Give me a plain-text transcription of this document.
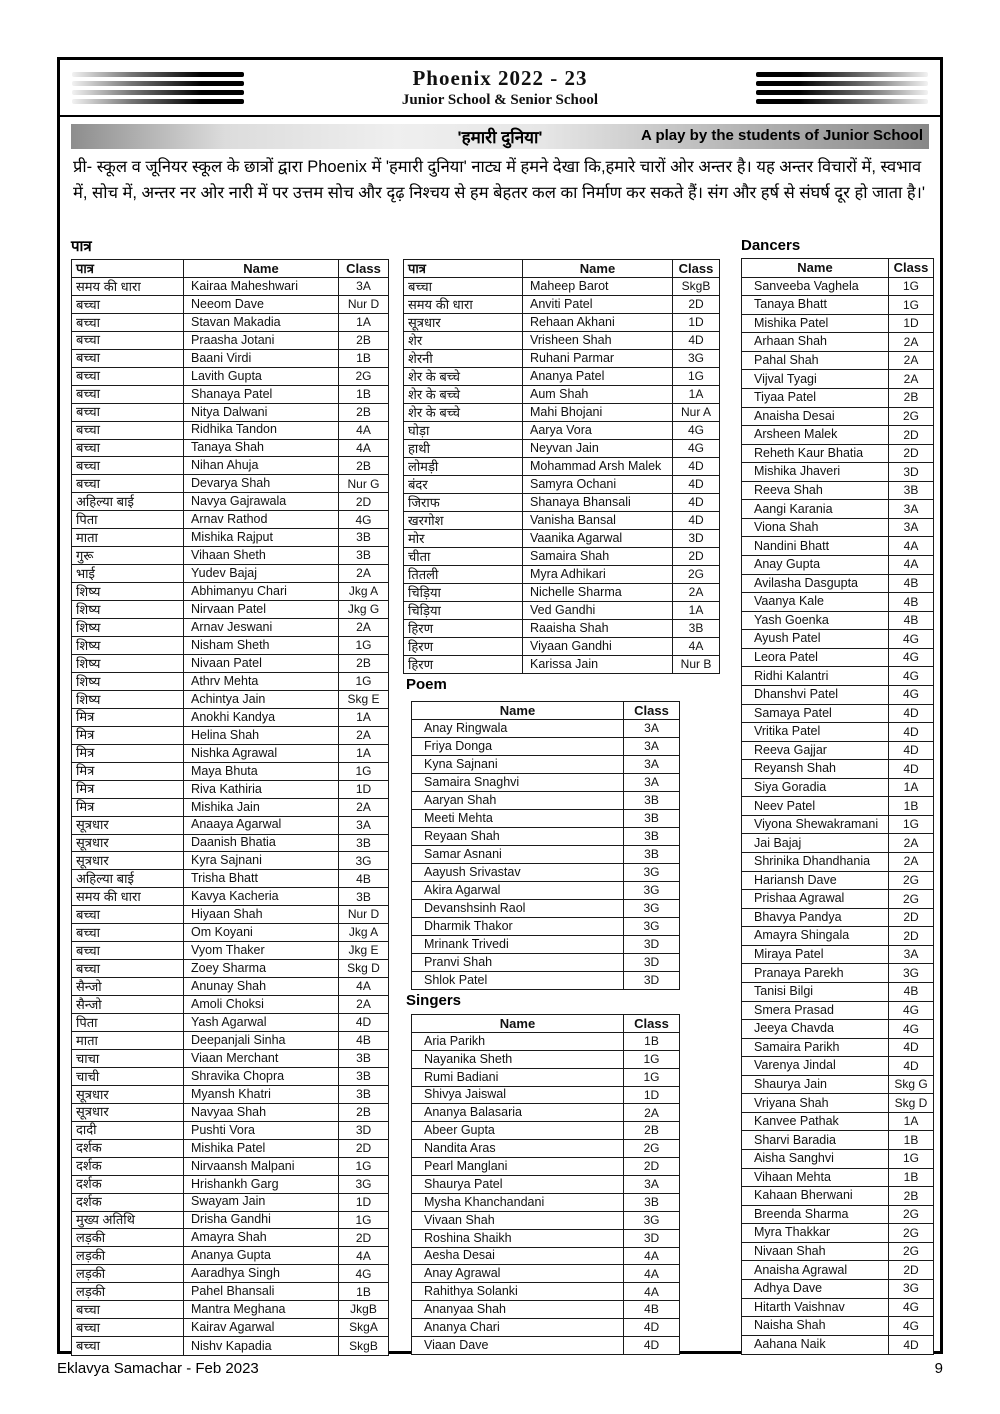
Phoenix 2022 - 23
Junior School & Senior School
'हमारी दुनिया'	A play by the students of Junior School

प्री- स्कूल व जूनियर स्कूल के छात्रों द्वारा Phoenix में 'हमारी दुनिया' नाट्य में हमने देखा कि,हमारे चारों ओर अन्तर है। यह अन्तर विचारों में, स्वभाव में, सोच में, अन्तर नर ओर नारी में पर उत्तम सोच और दृढ़ निश्चय से हम बेहतर कल का निर्माण कर सकते हैं। संग और हर्ष से संघर्ष दूर हो जाता है।'

पात्र	Dancers
Poem
Singers
पात्र	Name	Class
समय की धारा	Kairaa Maheshwari	3A
बच्चा	Neeom Dave	Nur D
बच्चा	Stavan Makadia	1A
बच्चा	Praasha Jotani	2B
बच्चा	Baani Virdi	1B
बच्चा	Lavith Gupta	2G
बच्चा	Shanaya Patel	1B
बच्चा	Nitya Dalwani	2B
बच्चा	Ridhika Tandon	4A
बच्चा	Tanaya Shah	4A
बच्चा	Nihan Ahuja	2B
बच्चा	Devarya Shah	Nur G
अहिल्या बाई	Navya Gajrawala	2D
पिता	Arnav Rathod	4G
माता	Mishika Rajput	3B
गुरू	Vihaan Sheth	3B
भाई	Yudev Bajaj	2A
शिष्य	Abhimanyu Chari	Jkg A
शिष्य	Nirvaan Patel	Jkg G
शिष्य	Arnav Jeswani	2A
शिष्य	Nisham Sheth	1G
शिष्य	Nivaan Patel	2B
शिष्य	Athrv Mehta	1G
शिष्य	Achintya Jain	Skg E
मित्र	Anokhi Kandya	1A
मित्र	Helina Shah	2A
मित्र	Nishka Agrawal	1A
मित्र	Maya Bhuta	1G
मित्र	Riva Kathiria	1D
मित्र	Mishika Jain	2A
सूत्रधार	Anaaya Agarwal	3A
सूत्रधार	Daanish Bhatia	3B
सूत्रधार	Kyra Sajnani	3G
अहिल्या बाई	Trisha Bhatt	4B
समय की धारा	Kavya Kacheria	3B
बच्चा	Hiyaan Shah	Nur D
बच्चा	Om Koyani	Jkg A
बच्चा	Vyom Thaker	Jkg E
बच्चा	Zoey Sharma	Skg D
सैन्जो	Anunay Shah	4A
सैन्जो	Amoli Choksi	2A
पिता	Yash Agarwal	4D
माता	Deepanjali Sinha	4B
चाचा	Viaan Merchant	3B
चाची	Shravika Chopra	3B
सूत्रधार	Myansh Khatri	3B
सूत्रधार	Navyaa Shah	2B
दादी	Pushti Vora	3D
दर्शक	Mishika Patel	2D
दर्शक	Nirvaansh Malpani	1G
दर्शक	Hrishankh Garg	3G
दर्शक	Swayam Jain	1D
मुख्य अतिथि	Drisha Gandhi	1G
लड़की	Amayra Shah	2D
लड़की	Ananya Gupta	4A
लड़की	Aaradhya Singh	4G
लड़की	Pahel Bhansali	1B
बच्चा	Mantra Meghana	JkgB
बच्चा	Kairav Agarwal	SkgA
बच्चा	Nishv Kapadia	SkgB
पात्र	Name	Class
बच्चा	Maheep Barot	SkgB
समय की धारा	Anviti Patel	2D
सूत्रधार	Rehaan Akhani	1D
शेर	Vrisheen Shah	4D
शेरनी	Ruhani Parmar	3G
शेर के बच्चे	Ananya Patel	1G
शेर के बच्चे	Aum Shah	1A
शेर के बच्चे	Mahi Bhojani	Nur A
घोड़ा	Aarya Vora	4G
हाथी	Neyvan Jain	4G
लोमड़ी	Mohammad Arsh Malek	4D
बंदर	Samyra Ochani	4D
जिराफ	Shanaya Bhansali	4D
खरगोश	Vanisha Bansal	4D
मोर	Vaanika Agarwal	3D
चीता	Samaira Shah	2D
तितली	Myra Adhikari	2G
चिड़िया	Nichelle Sharma	2A
चिड़िया	Ved Gandhi	1A
हिरण	Raaisha Shah	3B
हिरण	Viyaan Gandhi	4A
हिरण	Karissa Jain	Nur B
Name	Class
Anay Ringwala	3A
Friya Donga	3A
Kyna Sajnani	3A
Samaira Snaghvi	3A
Aaryan Shah	3B
Meeti Mehta	3B
Reyaan Shah	3B
Samar Asnani	3B
Aayush Srivastav	3G
Akira Agarwal	3G
Devanshsinh Raol	3G
Dharmik Thakor	3G
Mrinank Trivedi	3D
Pranvi Shah	3D
Shlok Patel	3D
Name	Class
Aria Parikh	1B
Nayanika Sheth	1G
Rumi Badiani	1G
Shivya Jaiswal	1D
Ananya Balasaria	2A
Abeer Gupta	2B
Nandita Aras	2G
Pearl Manglani	2D
Shaurya Patel	3A
Mysha Khanchandani	3B
Vivaan Shah	3G
Roshina Shaikh	3D
Aesha Desai	4A
Anay Agrawal	4A
Rahithya Solanki	4A
Ananyaa Shah	4B
Ananya Chari	4D
Viaan Dave	4D
Name	Class
Sanveeba Vaghela	1G
Tanaya Bhatt	1G
Mishika Patel	1D
Arhaan Shah	2A
Pahal Shah	2A
Vijval Tyagi	2A
Tiyaa Patel	2B
Anaisha Desai	2G
Arsheen Malek	2D
Reheth Kaur Bhatia	2D
Mishika Jhaveri	3D
Reeva Shah	3B
Aangi Karania	3A
Viona Shah	3A
Nandini Bhatt	4A
Anay Gupta	4A
Avilasha Dasgupta	4B
Vaanya Kale	4B
Yash Goenka	4B
Ayush Patel	4G
Leora Patel	4G
Ridhi Kalantri	4G
Dhanshvi Patel	4G
Samaya Patel	4D
Vritika Patel	4D
Reeva Gajjar	4D
Reyansh Shah	4D
Siya Goradia	1A
Neev Patel	1B
Viyona Shewakramani	1G
Jai Bajaj	2A
Shrinika Dhandhania	2A
Hariansh Dave	2G
Prishaa Agrawal	2G
Bhavya Pandya	2D
Amayra Shingala	2D
Miraya Patel	3A
Pranaya Parekh	3G
Tanisi Bilgi	4B
Smera Prasad	4G
Jeeya Chavda	4G
Samaira Parikh	4D
Varenya Jindal	4D
Shaurya Jain	Skg G
Vriyana Shah	Skg D
Kanvee Pathak	1A
Sharvi Baradia	1B
Aisha Sanghvi	1G
Vihaan Mehta	1B
Kahaan Bherwani	2B
Breenda Sharma	2G
Myra Thakkar	2G
Nivaan Shah	2G
Anaisha Agrawal	2D
Adhya Dave	3G
Hitarth Vaishnav	4G
Naisha Shah	4G
Aahana Naik	4D
Eklavya Samachar - Feb 2023	9
